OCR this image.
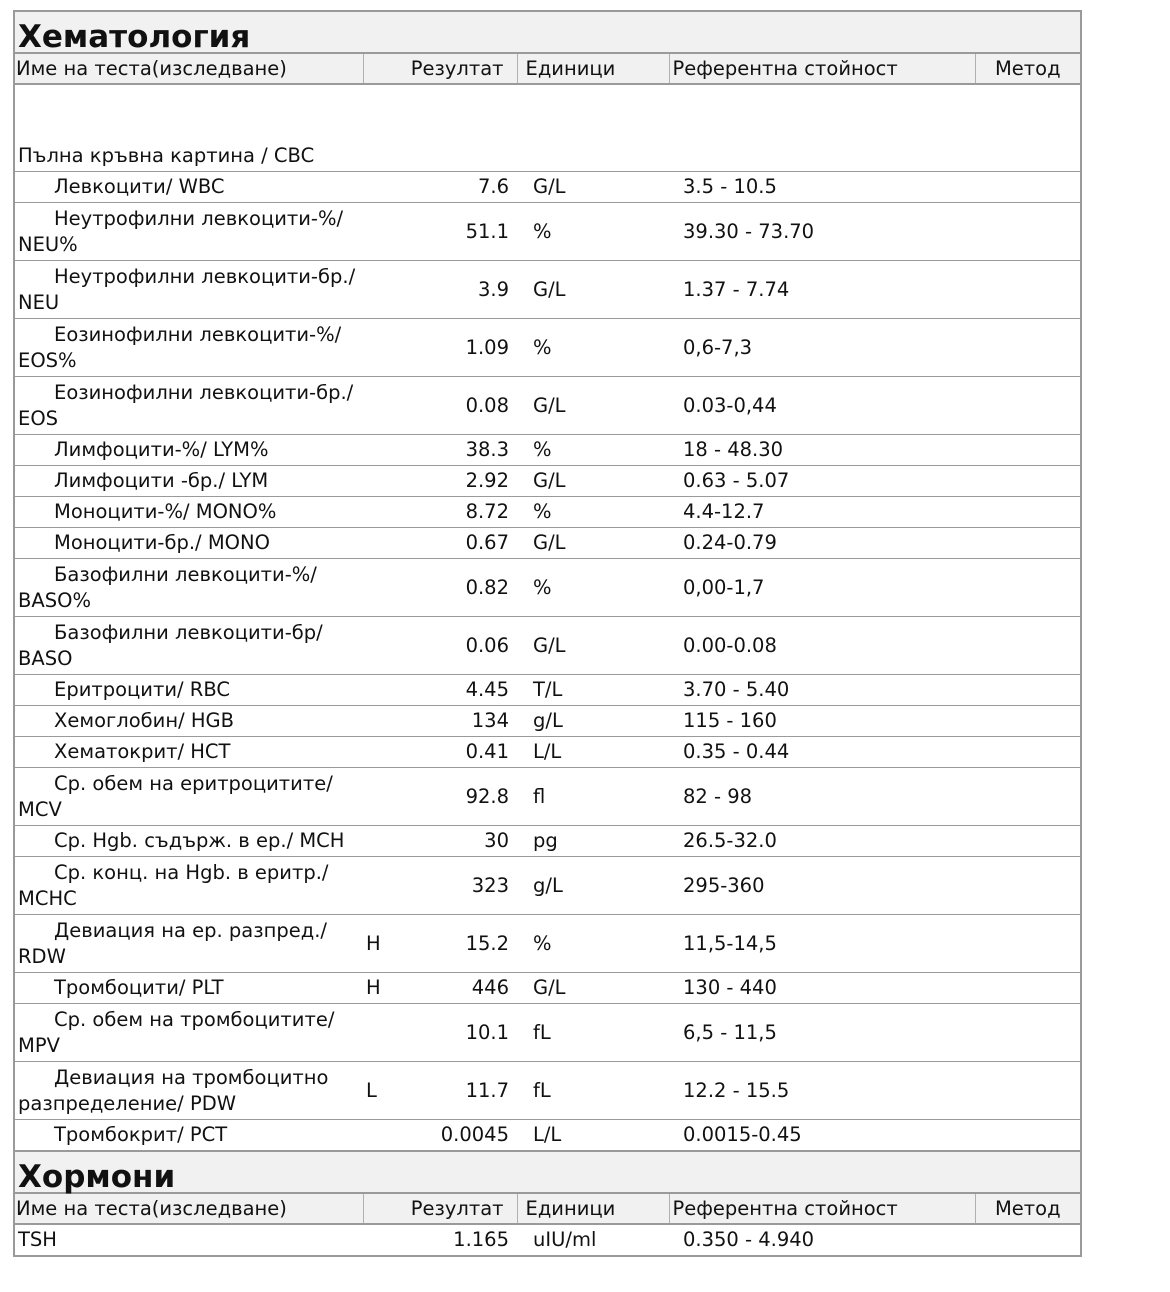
Хематология
Име на теста(изследване)	Резултат	Единици	Референтна стойност	Метод
Пълна кръвна картина / CBC				
Левкоцити/ WBC	7.6	G/L	3.5 - 10.5	
Неутрофилни левкоцити-%/ NEU%	51.1	%	39.30 - 73.70	
Неутрофилни левкоцити-бр./ NEU	3.9	G/L	1.37 - 7.74	
Еозинофилни левкоцити-%/ EOS%	1.09	%	0,6-7,3	
Еозинофилни левкоцити-бр./ EOS	0.08	G/L	0.03-0,44	
Лимфоцити-%/ LYM%	38.3	%	18 - 48.30	
Лимфоцити -бр./ LYM	2.92	G/L	0.63 - 5.07	
Моноцити-%/ MONO%	8.72	%	4.4-12.7	
Моноцити-бр./ MONO	0.67	G/L	0.24-0.79	
Базофилни левкоцити-%/ BASO%	0.82	%	0,00-1,7	
Базофилни левкоцити-бр/ BASO	0.06	G/L	0.00-0.08	
Еритроцити/ RBC	4.45	T/L	3.70 - 5.40	
Хемоглобин/ HGB	134	g/L	115 - 160	
Хематокрит/ HCT	0.41	L/L	0.35 - 0.44	
Ср. обем на еритроцитите/ MCV	92.8	fl	82 - 98	
Ср. Hgb. съдърж. в ер./ MCH	30	pg	26.5-32.0	
Ср. конц. на Hgb. в еритр./ MCHC	323	g/L	295-360	
Девиация на ер. разпред./ RDW	H 15.2	%	11,5-14,5	
Тромбоцити/ PLT	H 446	G/L	130 - 440	
Ср. обем на тромбоцитите/ MPV	10.1	fL	6,5 - 11,5	
Девиация на тромбоцитно разпределение/ PDW	L 11.7	fL	12.2 - 15.5	
Тромбокрит/ PCT	0.0045	L/L	0.0015-0.45	
Хормони
Име на теста(изследване)	Резултат	Единици	Референтна стойност	Метод
TSH	1.165	uIU/ml	0.350 - 4.940	
